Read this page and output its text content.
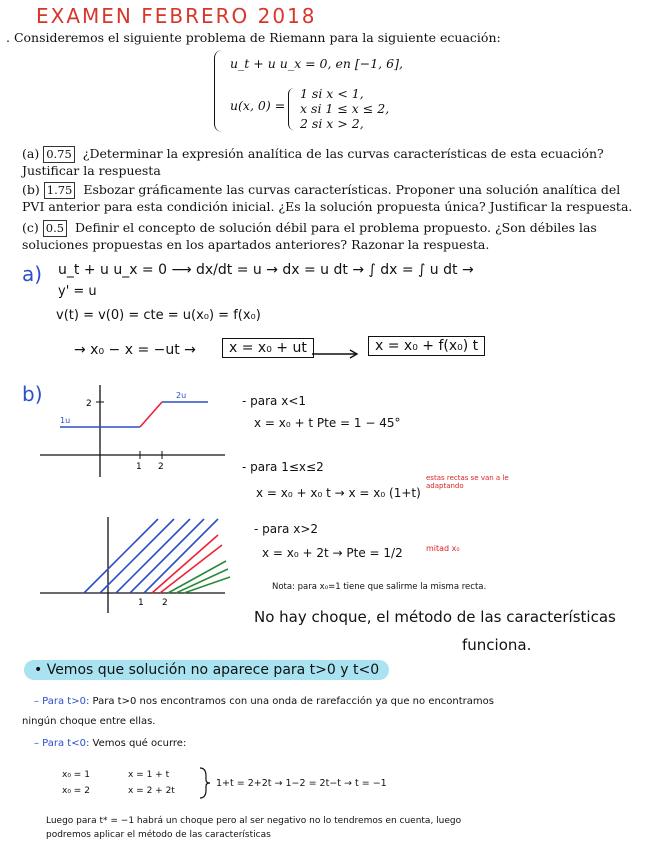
EXAMEN FEBRERO 2018
. Consideremos el siguiente problema de Riemann para la siguiente ecuación:
u_t + u u_x = 0, en [−1, 6],
u(x, 0) =
1 si x < 1,
x si 1 ≤ x ≤ 2,
2 si x > 2,
(a) 0.75 ¿Determinar la expresión analítica de las curvas características de esta ecuación? Justificar la respuesta
(b) 1.75 Esbozar gráficamente las curvas características. Proponer una solución analítica del PVI anterior para esta condición inicial. ¿Es la solución propuesta única? Justificar la respuesta.
(c) 0.5 Definir el concepto de solución débil para el problema propuesto. ¿Son débiles las soluciones propuestas en los apartados anteriores? Razonar la respuesta.
a) u_t + u u_x = 0 ⟶ dx/dt = u → dx = u dt → ∫ dx = ∫ u dt →
y' = u
v(t) = v(0) = cte = u(x₀) = f(x₀)
→ x₀ − x = −ut →	x = x₀ + ut	x = x₀ + f(x₀) t
b)	2
1 2
1u
2u	- para x<1
x = x₀ + t Pte = 1 − 45°
- para 1≤x≤2
x = x₀ + x₀ t → x = x₀ (1+t)
estas rectas se van a le adaptando
1 2
- para x>2
x = x₀ + 2t → Pte = 1/2	mitad x₀
Nota: para x₀=1 tiene que salirme la misma recta.
No hay choque, el método de las características
funciona.
• Vemos que solución no aparece para t>0 y t<0
– Para t>0: Para t>0 nos encontramos con una onda de rarefacción ya que no encontramos
ningún choque entre ellas.
– Para t<0: Vemos qué ocurre:
x₀ = 1
x₀ = 2
x = 1 + t
x = 2 + 2t
1+t = 2+2t → 1−2 = 2t−t → t = −1
Luego para t* = −1 habrá un choque pero al ser negativo no lo tendremos en cuenta, luego
podremos aplicar el método de las características
